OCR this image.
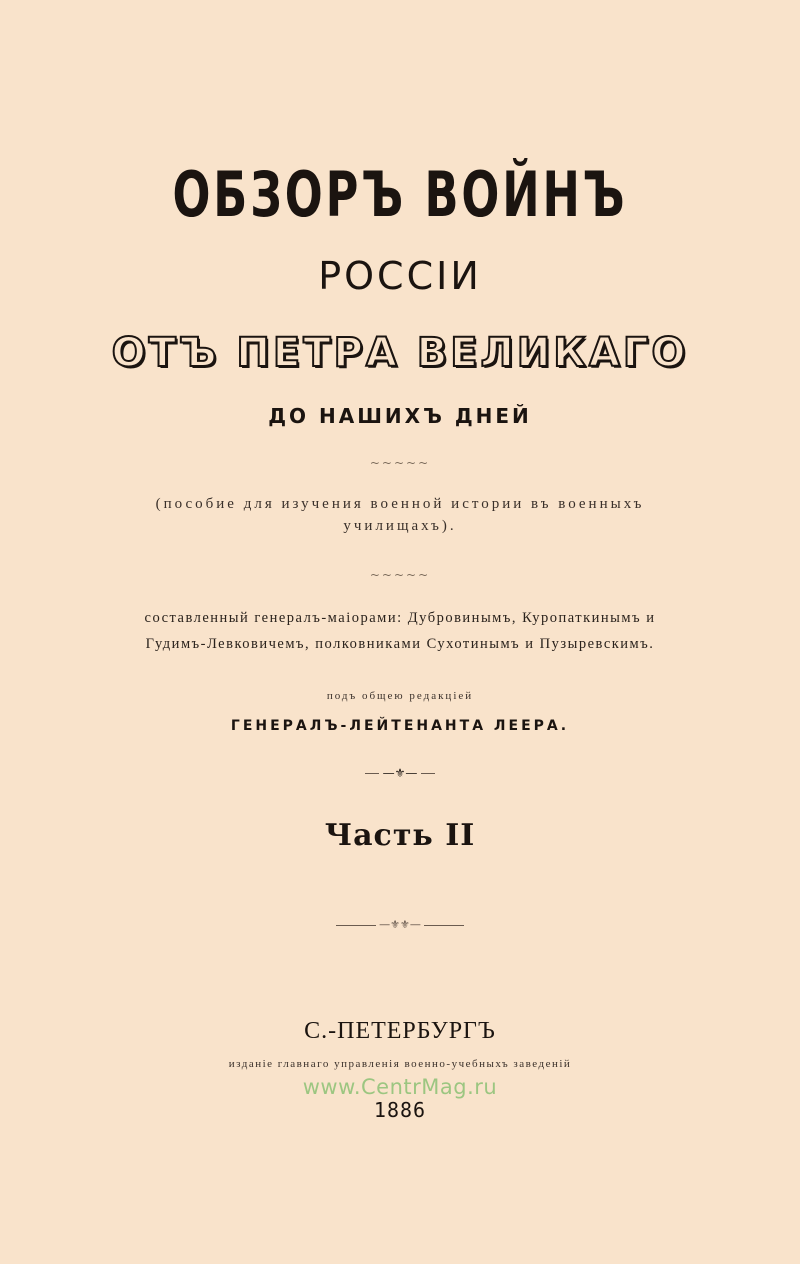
ОБЗОРЪ ВОЙНЪ
РОССІИ
ОТЪ ПЕТРА ВЕЛИКАГО
ДО НАШИХЪ ДНЕЙ
~~~~~
(пособие для изучения военной истории въ военныхъ
училищахъ).
~~~~~
составленный генералъ-маіорами: Дубровинымъ, Куропаткинымъ и
Гудимъ-Левковичемъ, полковниками Сухотинымъ и Пузыревскимъ.
подъ общею редакціей
ГЕНЕРАЛЪ-ЛЕЙТЕНАНТА ЛЕЕРА.
—⚜—
Часть II
—⚜⚜—
С.-ПЕТЕРБУРГЪ
изданіе главнаго управленія военно-учебныхъ заведеній
www.CentrMag.ru
1886
